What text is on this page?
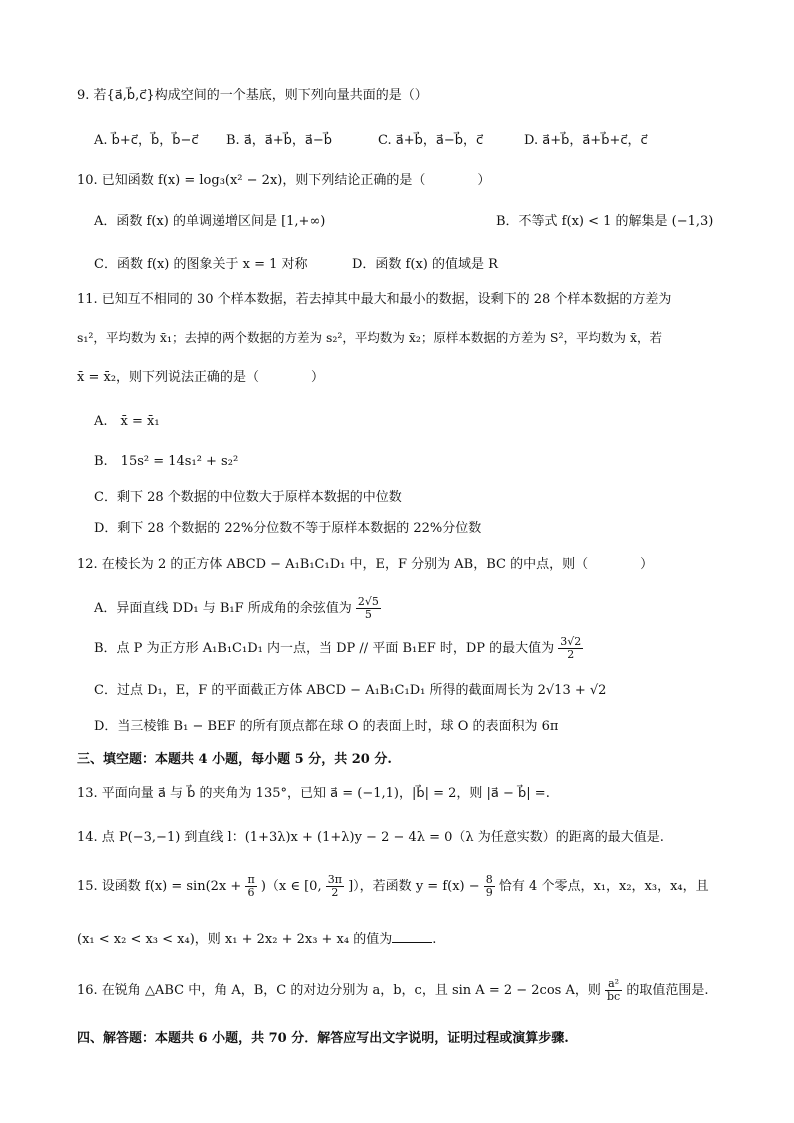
9. 若{a⃗,b⃗,c⃗}构成空间的一个基底，则下列向量共面的是（）
A. b⃗+c⃗，b⃗，b⃗−c⃗ B. a⃗，a⃗+b⃗，a⃗−b⃗	C. a⃗+b⃗，a⃗−b⃗，c⃗	D. a⃗+b⃗，a⃗+b⃗+c⃗，c⃗
10. 已知函数 f(x) = log₃(x² − 2x)，则下列结论正确的是（　　　　）
A．函数 f(x) 的单调递增区间是 [1,+∞)	B．不等式 f(x) < 1 的解集是 (−1,3)
C．函数 f(x) 的图象关于 x = 1 对称	D．函数 f(x) 的值域是 R
11. 已知互不相同的 30 个样本数据，若去掉其中最大和最小的数据，设剩下的 28 个样本数据的方差为
s₁²，平均数为 x̄₁；去掉的两个数据的方差为 s₂²，平均数为 x̄₂；原样本数据的方差为 S²，平均数为 x̄，若
x̄ = x̄₂，则下列说法正确的是（　　　　）
A.　x̄ = x̄₁
B.　15s² = 14s₁² + s₂²
C．剩下 28 个数据的中位数大于原样本数据的中位数
D．剩下 28 个数据的 22%分位数不等于原样本数据的 22%分位数
12. 在棱长为 2 的正方体 ABCD − A₁B₁C₁D₁ 中，E，F 分别为 AB，BC 的中点，则（　　　　）
A．异面直线 DD₁ 与 B₁F 所成角的余弦值为 $\frac{2√5}{5}$
B．点 P 为正方形 A₁B₁C₁D₁ 内一点，当 DP // 平面 B₁EF 时，DP 的最大值为 $\frac{3√2}{2}$
C．过点 D₁，E，F 的平面截正方体 ABCD − A₁B₁C₁D₁ 所得的截面周长为 2√13 + √2
D．当三棱锥 B₁ − BEF 的所有顶点都在球 O 的表面上时，球 O 的表面积为 6π
三、填空题：本题共 4 小题，每小题 5 分，共 20 分.
13. 平面向量 a⃗ 与 b⃗ 的夹角为 135°，已知 a⃗ = (−1,1)，|b⃗| = 2，则 |a⃗ − b⃗| =.
14. 点 P(−3,−1) 到直线 l：(1+3λ)x + (1+λ)y − 2 − 4λ = 0（λ 为任意实数）的距离的最大值是.
15. 设函数 $f(x) = \sin(2x + \frac{\pi}{6} )(x$ ∈ [0, $\frac{3\pi}{2}$ ]），若函数 $y = f(x) - \frac{8}{9}$ 恰有 4 个零点，x₁，x₂，x₃，x₄，且
(x₁ < x₂ < x₃ < x₄)，则 x₁ + 2x₂ + 2x₃ + x₄ 的值为	.
16. 在锐角 △ABC 中，角 A，B，C 的对边分别为 a，b，c，且 sin A = 2 − 2cos A，则 $\frac{\text{a²}}{bc}$ 的取值范围是.
四、解答题：本题共 6 小题，共 70 分．解答应写出文字说明，证明过程或演算步骤.
